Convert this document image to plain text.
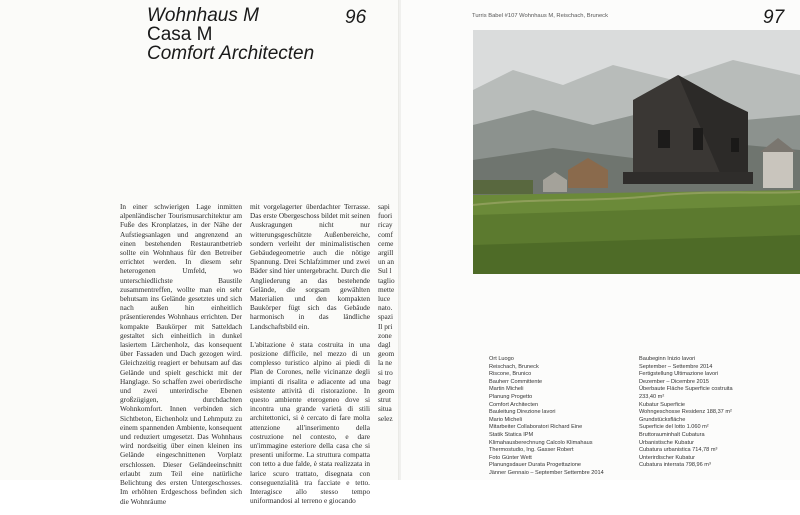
Wohnhaus M
Casa M
Comfort Architecten
96

In einer schwierigen Lage inmitten alpenländischer Tourismusarchitektur am Fuße des Kronplatzes, in der Nähe der Aufstiegsanlagen und angrenzend an einen bestehenden Restaurantbetrieb sollte ein Wohnhaus für den Betreiber errichtet werden. In diesem sehr heterogenen Umfeld, wo unterschiedlichste Baustile zusammentreffen, wollte man ein sehr behutsam ins Gelände gesetztes und sich nach außen hin einheitlich präsentierendes Wohnhaus errichten. Der kompakte Baukörper mit Satteldach gestaltet sich einheitlich in dunkel lasiertem Lärchenholz, das konsequent über Fassaden und Dach gezogen wird. Gleichzeitig reagiert er behutsam auf das Gelände und spielt geschickt mit der Hanglage. So schaffen zwei oberirdische und zwei unterirdische Ebenen großzügigen, durchdachten Wohnkomfort. Innen verbinden sich Sichtbeton, Eichenholz und Lehmputz zu einem spannenden Ambiente, konsequent und reduziert umgesetzt. Das Wohnhaus wird nordseitig über einen kleinen ins Gelände eingeschnittenen Vorplatz erschlossen. Dieser Geländeeinschnitt erlaubt zum Teil eine natürliche Belichtung des ersten Untergeschosses. Im erhöhten Erdgeschoss befinden sich die Wohnräume

mit vorgelagerter überdachter Terrasse. Das erste Obergeschoss bildet mit seinen Auskragungen nicht nur witterungsgeschützte Außenbereiche, sondern verleiht der minimalistischen Gebäudegeometrie auch die nötige Spannung. Drei Schlafzimmer und zwei Bäder sind hier untergebracht. Durch die Angliederung an das bestehende Gelände, die sorgsam gewählten Materialien und den kompakten Baukörper fügt sich das Gebäude harmonisch in das ländliche Landschaftsbild ein.

L'abitazione è stata costruita in una posizione difficile, nel mezzo di un complesso turistico alpino ai piedi di Plan de Corones, nelle vicinanze degli impianti di risalita e adiacente ad una esistente attività di ristorazione. In questo ambiente eterogeneo dove si incontra una grande varietà di stili architettonici, si è cercato di fare molta attenzione all'inserimento della costruzione nel contesto, e dare un'immagine esteriore della casa che si presenti uniforme. La struttura compatta con tetto a due falde, è stata realizzata in larice scuro trattato, disegnata con conseguenzialità tra facciate e tetto. Interagisce allo stesso tempo uniformandosi al terreno e giocando

sapi
fuori
ricay
comf
ceme
argill
un an
Sul l
taglio
mette
luce
nato.
spazi
Il pri
zone
dagl
geom
la ne
si tro
bagr
geom
strut
situa
selez
Turris Babel #107 Wohnhaus M, Reischach, Bruneck	97
Ort Luogo
Reischach, Bruneck
Riscone, Brunico
Bauherr Committente
Martin Micheli
Planung Progetto
Comfort Architecten
Bauleitung Direzione lavori
Mario Micheli
Mitarbeiter Collaboratori Richard Eine
Statik Statica IPM
Klimahausberechnung Calcolo Klimahaus
Thermostudio, Ing. Gasser Robert
Foto Günter Wett
Planungsdauer Durata Progettazione
Jänner Gennaio – September Settembre 2014
Baubeginn Inizio lavori
September – Settembre 2014
Fertigstellung Ultimazione lavori
Dezember – Dicembre 2015
Überbaute Fläche Superficie costruita
233,40 m²
Kubatur Superficie
Wohngeschosse Residenz 188,37 m²
Grundstücksfläche
Superficie del lotto 1.060 m²
Bruttorauminhalt Cubatura
Urbanistische Kubatur
Cubatura urbanistica 714,78 m³
Unterirdischer Kubatur
Cubatura interrata 798,96 m³
